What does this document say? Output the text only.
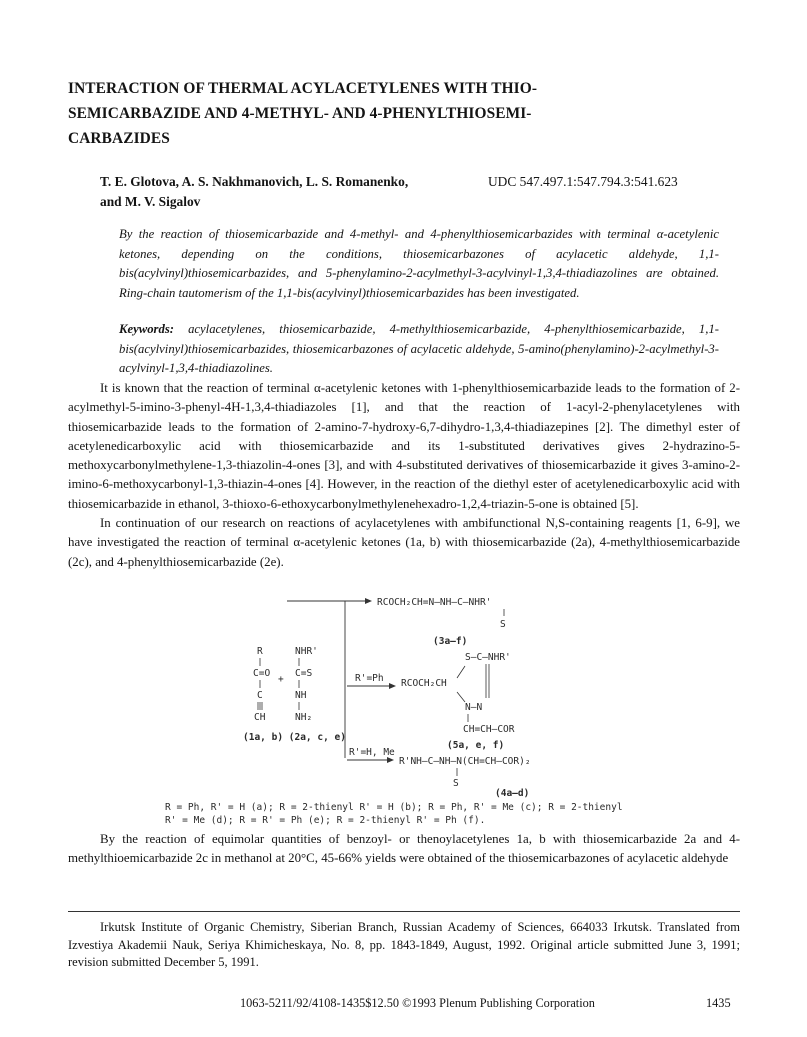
INTERACTION OF THERMAL ACYLACETYLENES WITH THIO-SEMICARBAZIDE AND 4-METHYL- AND 4-PHENYLTHIOSEMI-CARBAZIDES
T. E. Glotova, A. S. Nakhmanovich, L. S. Romanenko,
and M. V. Sigalov
UDC 547.497.1:547.794.3:541.623
By the reaction of thiosemicarbazide and 4-methyl- and 4-phenylthiosemicarbazides with terminal α-acetylenic ketones, depending on the conditions, thiosemicarbazones of acylacetic aldehyde, 1,1-bis(acylvinyl)thiosemicarbazides, and 5-phenylamino-2-acylmethyl-3-acylvinyl-1,3,4-thiadiazolines are obtained. Ring-chain tautomerism of the 1,1-bis(acylvinyl)thiosemicarbazides has been investigated.
Keywords: acylacetylenes, thiosemicarbazide, 4-methylthiosemicarbazide, 4-phenylthiosemicarbazide, 1,1-bis(acylvinyl)thiosemicarbazides, thiosemicarbazones of acylacetic aldehyde, 5-amino(phenylamino)-2-acylmethyl-3-acylvinyl-1,3,4-thiadiazolines.

It is known that the reaction of terminal α-acetylenic ketones with 1-phenylthiosemicarbazide leads to the formation of 2-acylmethyl-5-imino-3-phenyl-4H-1,3,4-thiadiazoles [1], and that the reaction of 1-acyl-2-phenylacetylenes with thiosemicarbazide leads to the formation of 2-amino-7-hydroxy-6,7-dihydro-1,3,4-thiadiazepines [2]. The dimethyl ester of acetylenedicarboxylic acid with thiosemicarbazide and its 1-substituted derivatives gives 2-hydrazino-5-methoxycarbonylmethylene-1,3-thiazolin-4-ones [3], and with 4-substituted derivatives of thiosemicarbazide it gives 3-amino-2-imino-6-methoxycarbonyl-1,3-thiazin-4-ones [4]. However, in the reaction of the diethyl ester of acetylenedicarboxylic acid with thiosemicarbazide in ethanol, 3-thioxo-6-ethoxycarbonylmethylenehexadro-1,2,4-triazin-5-one is obtained [5].

In continuation of our research on reactions of acylacetylenes with ambifunctional N,S-containing reagents [1, 6-9], we have investigated the reaction of terminal α-acetylenic ketones (1a, b) with thiosemicarbazide (2a), 4-methylthiosemicarbazide (2c), and 4-phenylthiosemicarbazide (2e).

RCOCH₂CH=N–NH–C–NHR'
S
(3a–f)
R
C=O
C
CH
+
NHR'
C=S
NH
NH₂
(1a, b) (2a, c, e)
R'=Ph RCOCH₂CH
S—C—NHR'
N—N
CH=CH–COR
(5a, e, f)
R'=H, Me
R'NH–C–NH–N(CH=CH–COR)₂
S
(4a–d)
R = Ph, R' = H (a); R = 2-thienyl R' = H (b); R = Ph, R' = Me (c); R = 2-thienyl
R' = Me (d); R = R' = Ph (e); R = 2-thienyl R' = Ph (f).

By the reaction of equimolar quantities of benzoyl- or thenoylacetylenes 1a, b with thiosemicarbazide 2a and 4-methylthioemicarbazide 2c in methanol at 20°C, 45-66% yields were obtained of the thiosemicarbazones of acylacetic aldehyde

Irkutsk Institute of Organic Chemistry, Siberian Branch, Russian Academy of Sciences, 664033 Irkutsk. Translated from Izvestiya Akademii Nauk, Seriya Khimicheskaya, No. 8, pp. 1843-1849, August, 1992. Original article submitted June 3, 1991; revision submitted December 5, 1991.
1063-5211/92/4108-1435$12.50 ©1993 Plenum Publishing Corporation	1435
